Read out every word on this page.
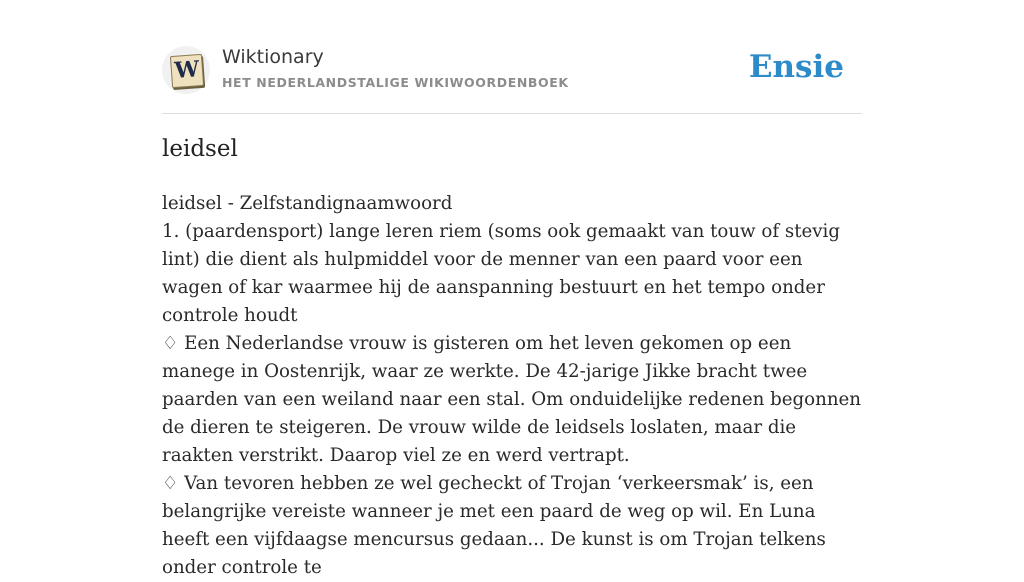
W Wiktionary
HET NEDERLANDSTALIGE WIKIWOORDENBOEK	Ensie
leidsel
leidsel - Zelfstandignaamwoord
1. (paardensport) lange leren riem (soms ook gemaakt van touw of stevig lint) die dient als hulpmiddel voor de menner van een paard voor een wagen of kar waarmee hij de aanspanning bestuurt en het tempo onder controle houdt
♢ Een Nederlandse vrouw is gisteren om het leven gekomen op een manege in Oostenrijk, waar ze werkte. De 42-jarige Jikke bracht twee paarden van een weiland naar een stal. Om onduidelijke redenen begonnen de dieren te steigeren. De vrouw wilde de leidsels loslaten, maar die raakten verstrikt. Daarop viel ze en werd vertrapt.
♢ Van tevoren hebben ze wel gecheckt of Trojan ‘verkeersmak’ is, een belangrijke vereiste wanneer je met een paard de weg op wil. En Luna heeft een vijfdaagse mencursus gedaan... De kunst is om Trojan telkens onder controle te
